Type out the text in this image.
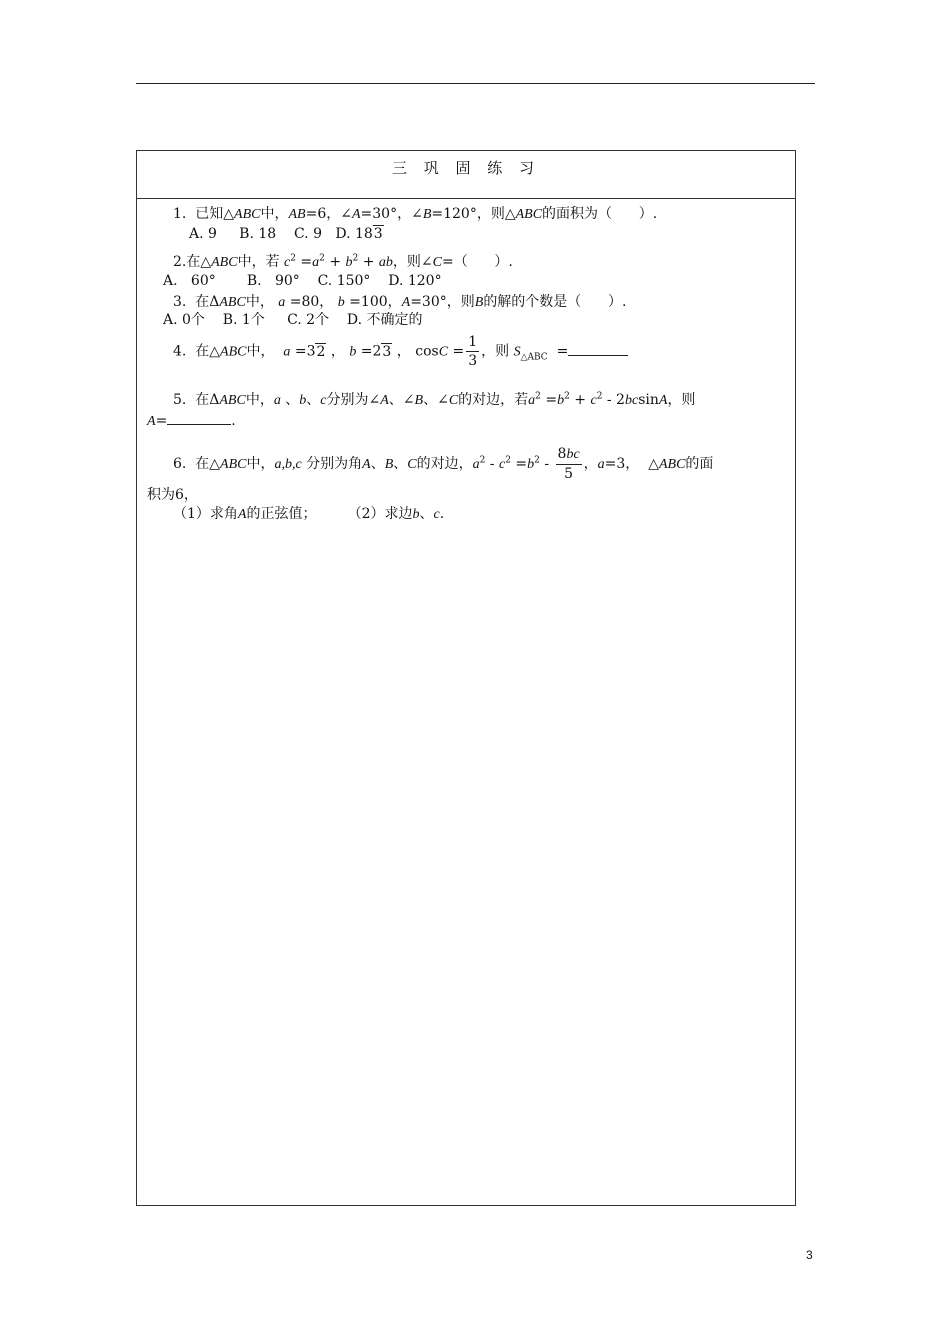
三 巩 固 练 习
1.  已知△ABC中，AB=6，∠A=30°，∠B=120°，则△ABC的面积为（      ）.
A. 9     B. 18    C. 9   D. 183
2.在△ABC中，若 $c^2 =a^2 + b^2$ + ab，则∠C=（      ）.
A.   60°       B.   90°    C. 150°    D. 120°
3.  在ΔABC中， a =80， b =100，A=30°，则B的解的个数是（      ）.
A. 0个    B. 1个     C. 2个    D. 不确定的
4.  在△ABC中，  a =32 ， b =23 ， $\cos C = \frac{1}{3}$ ，则 $S_{\triangle ABC}$  =
5.  在ΔABC中，a 、b、c分别为∠A、∠B、∠C的对边，若$a^2 =b^2 + c^2 - 2bcsinA$，则
A=	.
6.  在△ABC中，a,b,c 分别为角A、B、C的对边，$a^2 - c^2 =b^2 - \frac{8bc}{5}$ ，a=3，  △ABC的面
积为6，
（1）求角A的正弦值；       （2）求边b、c.
3
